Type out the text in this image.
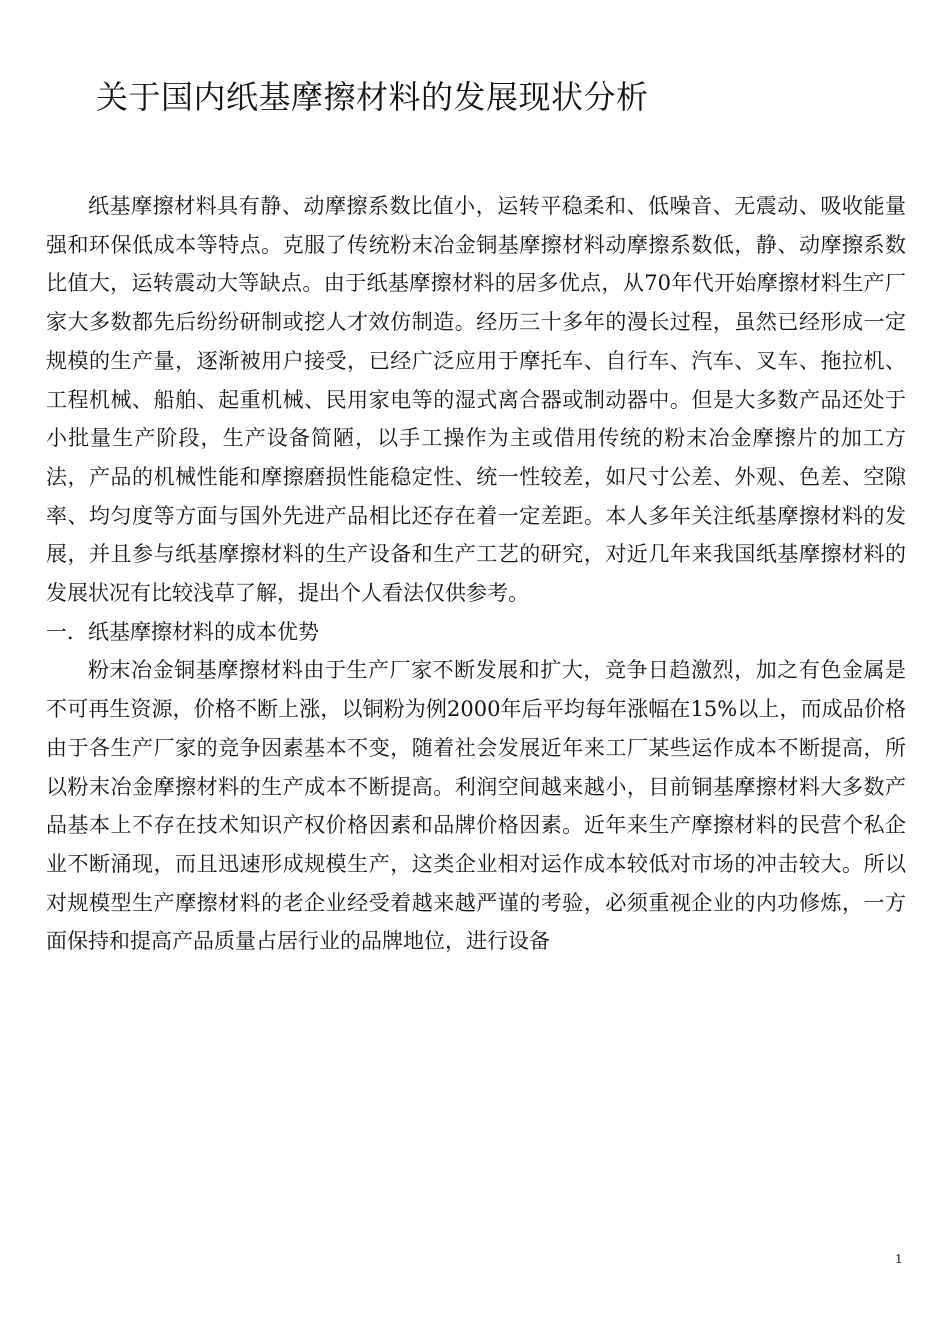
关于国内纸基摩擦材料的发展现状分析

纸基摩擦材料具有静、动摩擦系数比值小，运转平稳柔和、低噪音、无震动、吸收能量强和环保低成本等特点。克服了传统粉末冶金铜基摩擦材料动摩擦系数低，静、动摩擦系数比值大，运转震动大等缺点。由于纸基摩擦材料的居多优点，从70年代开始摩擦材料生产厂家大多数都先后纷纷研制或挖人才效仿制造。经历三十多年的漫长过程，虽然已经形成一定规模的生产量，逐渐被用户接受，已经广泛应用于摩托车、自行车、汽车、叉车、拖拉机、工程机械、船舶、起重机械、民用家电等的湿式离合器或制动器中。但是大多数产品还处于小批量生产阶段，生产设备简陋，以手工操作为主或借用传统的粉末冶金摩擦片的加工方法，产品的机械性能和摩擦磨损性能稳定性、统一性较差，如尺寸公差、外观、色差、空隙率、均匀度等方面与国外先进产品相比还存在着一定差距。本人多年关注纸基摩擦材料的发展，并且参与纸基摩擦材料的生产设备和生产工艺的研究，对近几年来我国纸基摩擦材料的发展状况有比较浅草了解，提出个人看法仅供参考。

一．纸基摩擦材料的成本优势

粉末冶金铜基摩擦材料由于生产厂家不断发展和扩大，竞争日趋激烈，加之有色金属是不可再生资源，价格不断上涨，以铜粉为例2000年后平均每年涨幅在15%以上，而成品价格由于各生产厂家的竞争因素基本不变，随着社会发展近年来工厂某些运作成本不断提高，所以粉末冶金摩擦材料的生产成本不断提高。利润空间越来越小，目前铜基摩擦材料大多数产品基本上不存在技术知识产权价格因素和品牌价格因素。近年来生产摩擦材料的民营个私企业不断涌现，而且迅速形成规模生产，这类企业相对运作成本较低对市场的冲击较大。所以对规模型生产摩擦材料的老企业经受着越来越严谨的考验，必须重视企业的内功修炼，一方面保持和提高产品质量占居行业的品牌地位，进行设备

1
